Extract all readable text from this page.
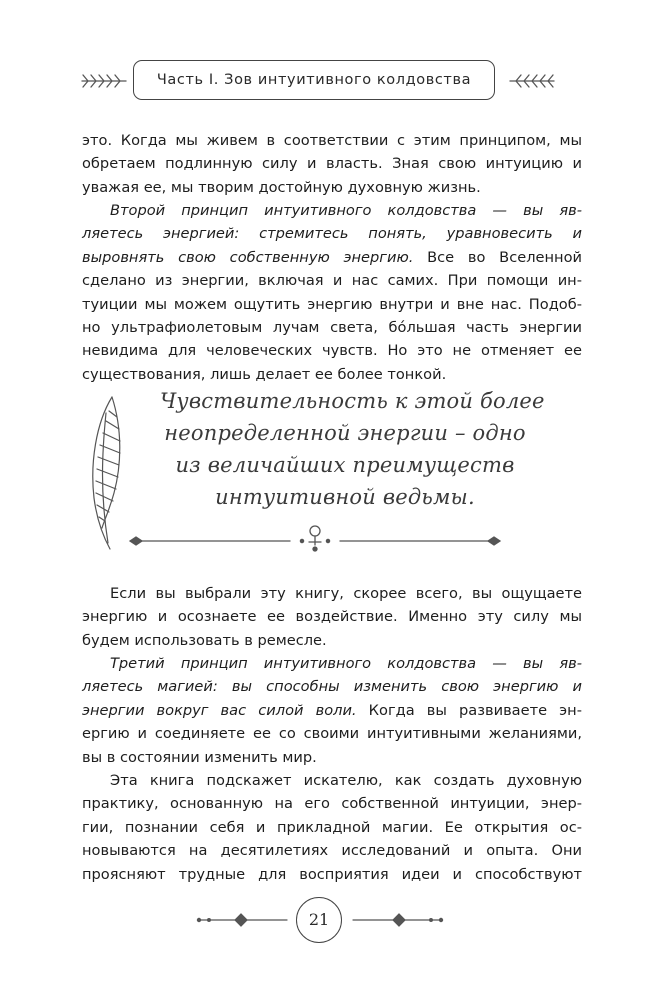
Часть I. Зов интуитивного колдовства

это. Когда мы живем в соответствии с этим принципом, мы

обретаем подлинную силу и власть. Зная свою интуицию и

уважая ее, мы творим достойную духовную жизнь.

Второй принцип интуитивного колдовства — вы яв-

ляетесь энергией: стремитесь понять, уравновесить и

выровнять свою собственную энергию. Все во Вселенной

сделано из энергии, включая и нас самих. При помощи ин-

туиции мы можем ощутить энергию внутри и вне нас. Подоб-

но ультрафиолетовым лучам света, бóльшая часть энергии

невидима для человеческих чувств. Но это не отменяет ее

существования, лишь делает ее более тонкой.

Чувствительность к этой более
неопределенной энергии – одно
из величайших преимуществ
интуитивной ведьмы.

Если вы выбрали эту книгу, скорее всего, вы ощущаете

энергию и осознаете ее воздействие. Именно эту силу мы

будем использовать в ремесле.

Третий принцип интуитивного колдовства — вы яв-

ляетесь магией: вы способны изменить свою энергию и

энергии вокруг вас силой воли. Когда вы развиваете эн-

ергию и соединяете ее со своими интуитивными желаниями,

вы в состоянии изменить мир.

Эта книга подскажет искателю, как создать духовную

практику, основанную на его собственной интуиции, энер-

гии, познании себя и прикладной магии. Ее открытия ос-

новываются на десятилетиях исследований и опыта. Они

проясняют трудные для восприятия идеи и способствуют

21
